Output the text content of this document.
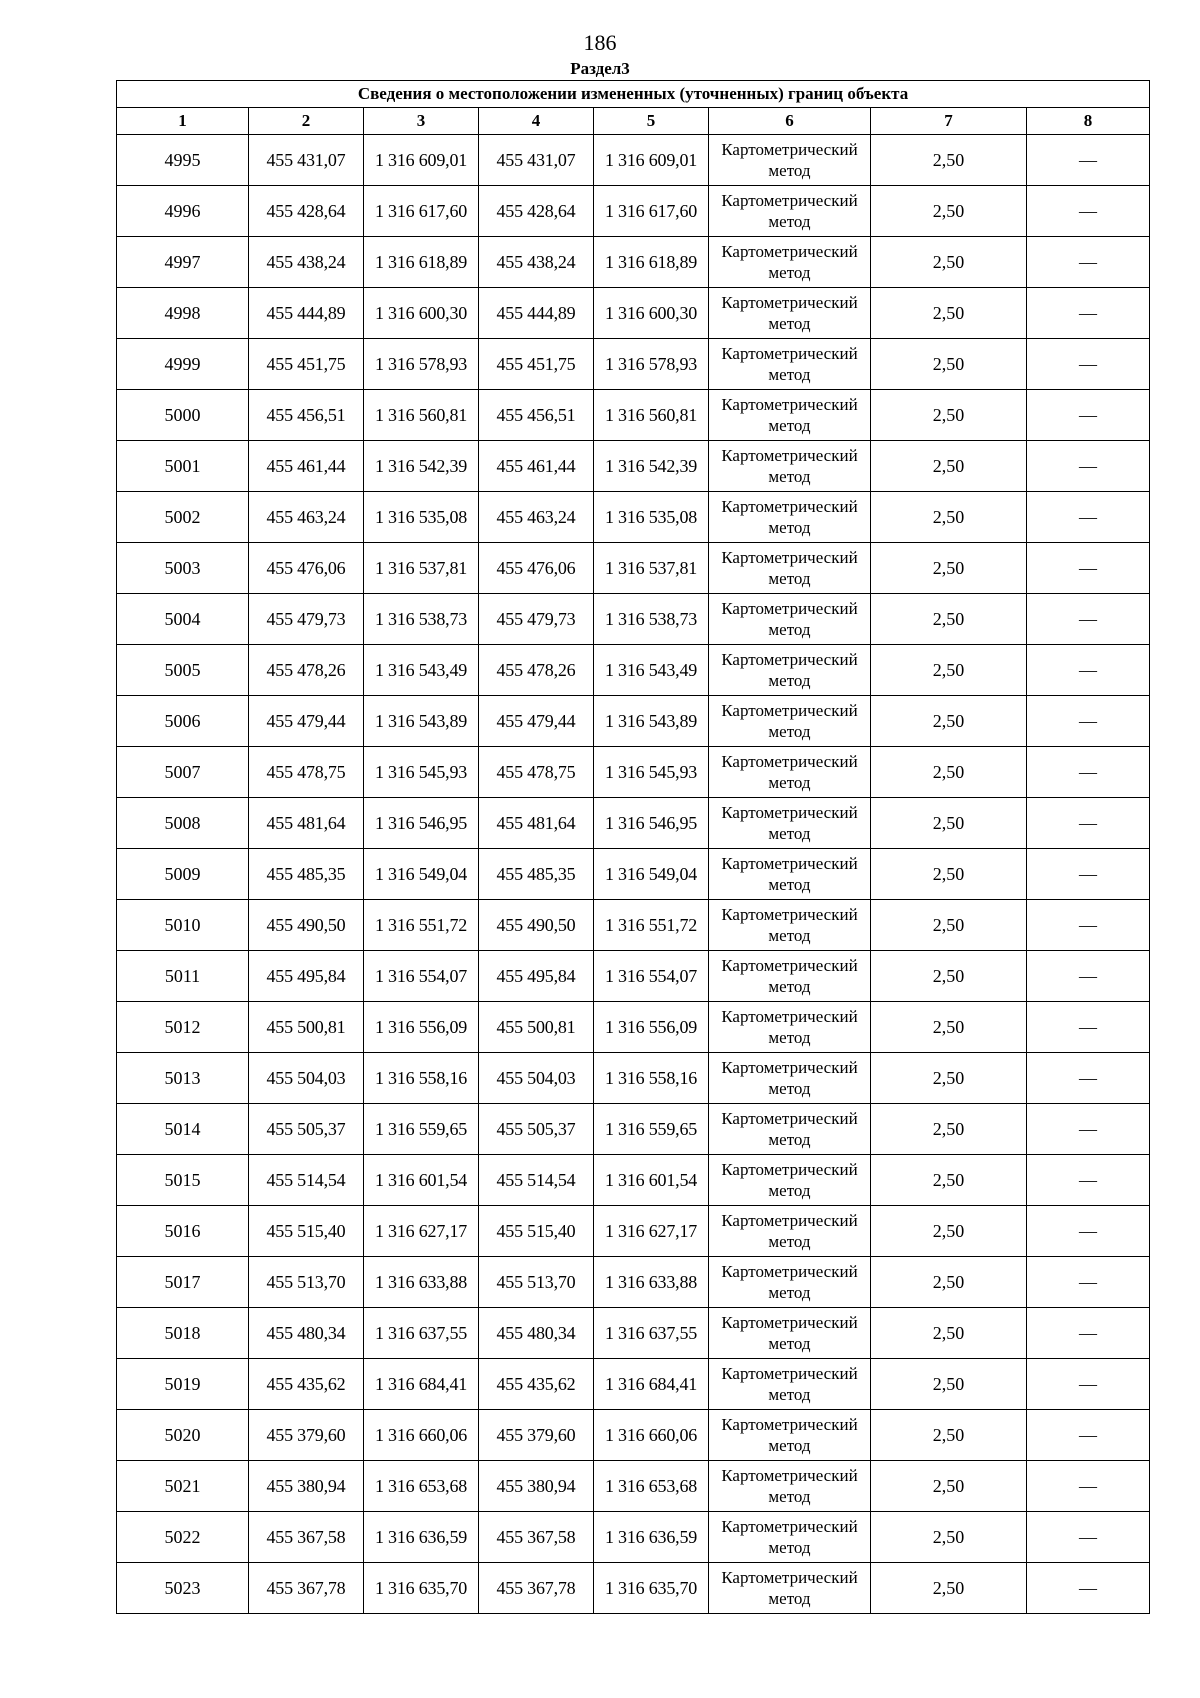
186
Раздел3
Сведения о местоположении измененных (уточненных) границ объекта							
1	2	3	4	5	6	7	8
4995	455 431,07	1 316 609,01	455 431,07	1 316 609,01	Картометрический метод	2,50	—
4996	455 428,64	1 316 617,60	455 428,64	1 316 617,60	Картометрический метод	2,50	—
4997	455 438,24	1 316 618,89	455 438,24	1 316 618,89	Картометрический метод	2,50	—
4998	455 444,89	1 316 600,30	455 444,89	1 316 600,30	Картометрический метод	2,50	—
4999	455 451,75	1 316 578,93	455 451,75	1 316 578,93	Картометрический метод	2,50	—
5000	455 456,51	1 316 560,81	455 456,51	1 316 560,81	Картометрический метод	2,50	—
5001	455 461,44	1 316 542,39	455 461,44	1 316 542,39	Картометрический метод	2,50	—
5002	455 463,24	1 316 535,08	455 463,24	1 316 535,08	Картометрический метод	2,50	—
5003	455 476,06	1 316 537,81	455 476,06	1 316 537,81	Картометрический метод	2,50	—
5004	455 479,73	1 316 538,73	455 479,73	1 316 538,73	Картометрический метод	2,50	—
5005	455 478,26	1 316 543,49	455 478,26	1 316 543,49	Картометрический метод	2,50	—
5006	455 479,44	1 316 543,89	455 479,44	1 316 543,89	Картометрический метод	2,50	—
5007	455 478,75	1 316 545,93	455 478,75	1 316 545,93	Картометрический метод	2,50	—
5008	455 481,64	1 316 546,95	455 481,64	1 316 546,95	Картометрический метод	2,50	—
5009	455 485,35	1 316 549,04	455 485,35	1 316 549,04	Картометрический метод	2,50	—
5010	455 490,50	1 316 551,72	455 490,50	1 316 551,72	Картометрический метод	2,50	—
5011	455 495,84	1 316 554,07	455 495,84	1 316 554,07	Картометрический метод	2,50	—
5012	455 500,81	1 316 556,09	455 500,81	1 316 556,09	Картометрический метод	2,50	—
5013	455 504,03	1 316 558,16	455 504,03	1 316 558,16	Картометрический метод	2,50	—
5014	455 505,37	1 316 559,65	455 505,37	1 316 559,65	Картометрический метод	2,50	—
5015	455 514,54	1 316 601,54	455 514,54	1 316 601,54	Картометрический метод	2,50	—
5016	455 515,40	1 316 627,17	455 515,40	1 316 627,17	Картометрический метод	2,50	—
5017	455 513,70	1 316 633,88	455 513,70	1 316 633,88	Картометрический метод	2,50	—
5018	455 480,34	1 316 637,55	455 480,34	1 316 637,55	Картометрический метод	2,50	—
5019	455 435,62	1 316 684,41	455 435,62	1 316 684,41	Картометрический метод	2,50	—
5020	455 379,60	1 316 660,06	455 379,60	1 316 660,06	Картометрический метод	2,50	—
5021	455 380,94	1 316 653,68	455 380,94	1 316 653,68	Картометрический метод	2,50	—
5022	455 367,58	1 316 636,59	455 367,58	1 316 636,59	Картометрический метод	2,50	—
5023	455 367,78	1 316 635,70	455 367,78	1 316 635,70	Картометрический метод	2,50	—
